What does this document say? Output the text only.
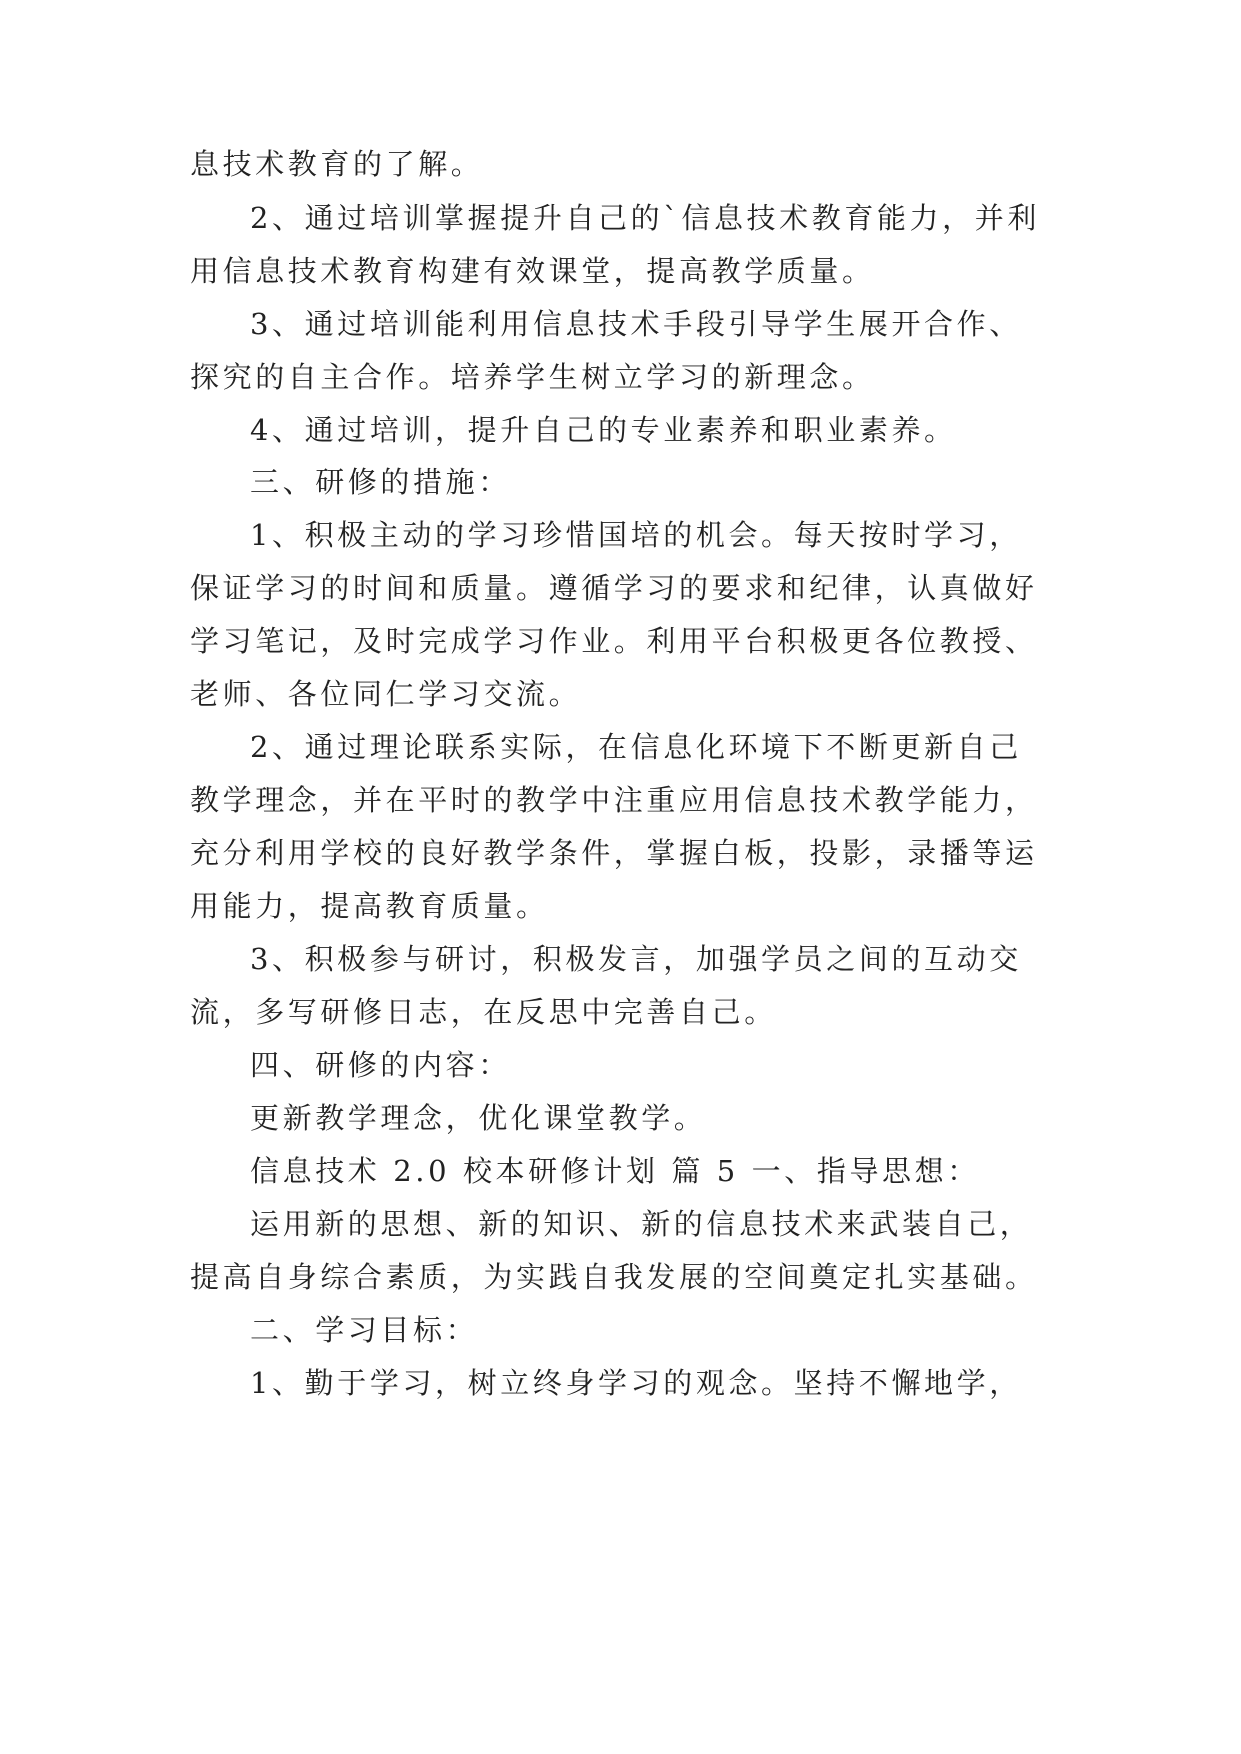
息技术教育的了解。
2、通过培训掌握提升自己的`信息技术教育能力，并利
用信息技术教育构建有效课堂，提高教学质量。
3、通过培训能利用信息技术手段引导学生展开合作、
探究的自主合作。培养学生树立学习的新理念。
4、通过培训，提升自己的专业素养和职业素养。
三、研修的措施：
1、积极主动的学习珍惜国培的机会。每天按时学习，
保证学习的时间和质量。遵循学习的要求和纪律，认真做好
学习笔记，及时完成学习作业。利用平台积极更各位教授、
老师、各位同仁学习交流。
2、通过理论联系实际，在信息化环境下不断更新自己
教学理念，并在平时的教学中注重应用信息技术教学能力，
充分利用学校的良好教学条件，掌握白板，投影，录播等运
用能力，提高教育质量。
3、积极参与研讨，积极发言，加强学员之间的互动交
流，多写研修日志，在反思中完善自己。
四、研修的内容：
更新教学理念，优化课堂教学。
信息技术 2.0 校本研修计划 篇 5 一、指导思想：
运用新的思想、新的知识、新的信息技术来武装自己，
提高自身综合素质，为实践自我发展的空间奠定扎实基础。
二、学习目标：
1、勤于学习，树立终身学习的观念。坚持不懈地学，
